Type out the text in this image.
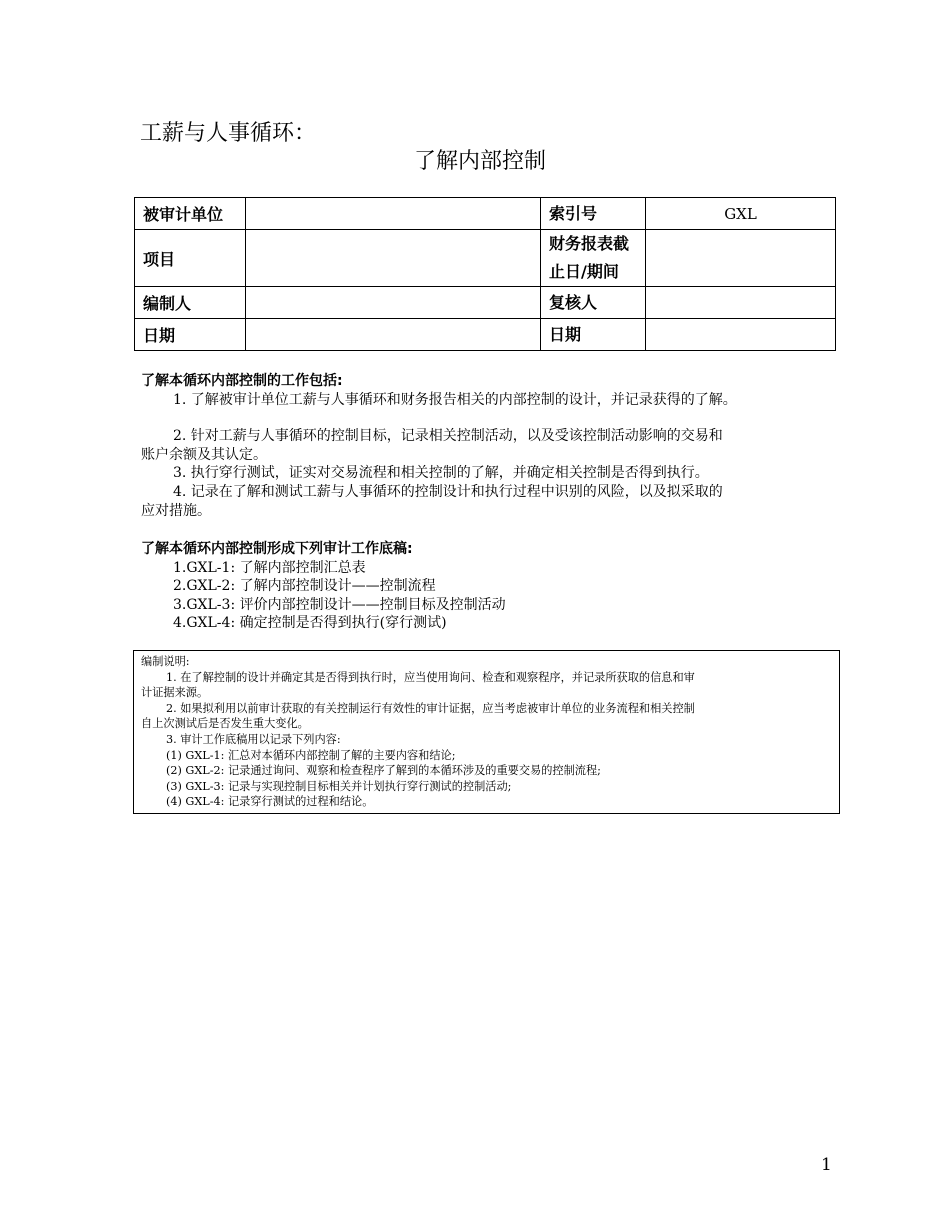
工薪与人事循环：
了解内部控制
被审计单位		索引号	GXL
项目		财务报表截
止日/期间	

编制人		复核人	
日期		日期	
了解本循环内部控制的工作包括:
1. 了解被审计单位工薪与人事循环和财务报告相关的内部控制的设计，并记录获得的了解。
2. 针对工薪与人事循环的控制目标，记录相关控制活动，以及受该控制活动影响的交易和
账户余额及其认定。
3. 执行穿行测试，证实对交易流程和相关控制的了解，并确定相关控制是否得到执行。
4. 记录在了解和测试工薪与人事循环的控制设计和执行过程中识别的风险，以及拟采取的
应对措施。
了解本循环内部控制形成下列审计工作底稿:
1.GXL-1: 了解内部控制汇总表
2.GXL-2: 了解内部控制设计——控制流程
3.GXL-3: 评价内部控制设计——控制目标及控制活动
4.GXL-4: 确定控制是否得到执行(穿行测试)
编制说明:
1. 在了解控制的设计并确定其是否得到执行时，应当使用询问、检查和观察程序，并记录所获取的信息和审
计证据来源。
2. 如果拟利用以前审计获取的有关控制运行有效性的审计证据，应当考虑被审计单位的业务流程和相关控制
自上次测试后是否发生重大变化。
3. 审计工作底稿用以记录下列内容:
(1) GXL-1: 汇总对本循环内部控制了解的主要内容和结论;
(2) GXL-2: 记录通过询问、观察和检查程序了解到的本循环涉及的重要交易的控制流程;
(3) GXL-3: 记录与实现控制目标相关并计划执行穿行测试的控制活动;
(4) GXL-4: 记录穿行测试的过程和结论。
1
